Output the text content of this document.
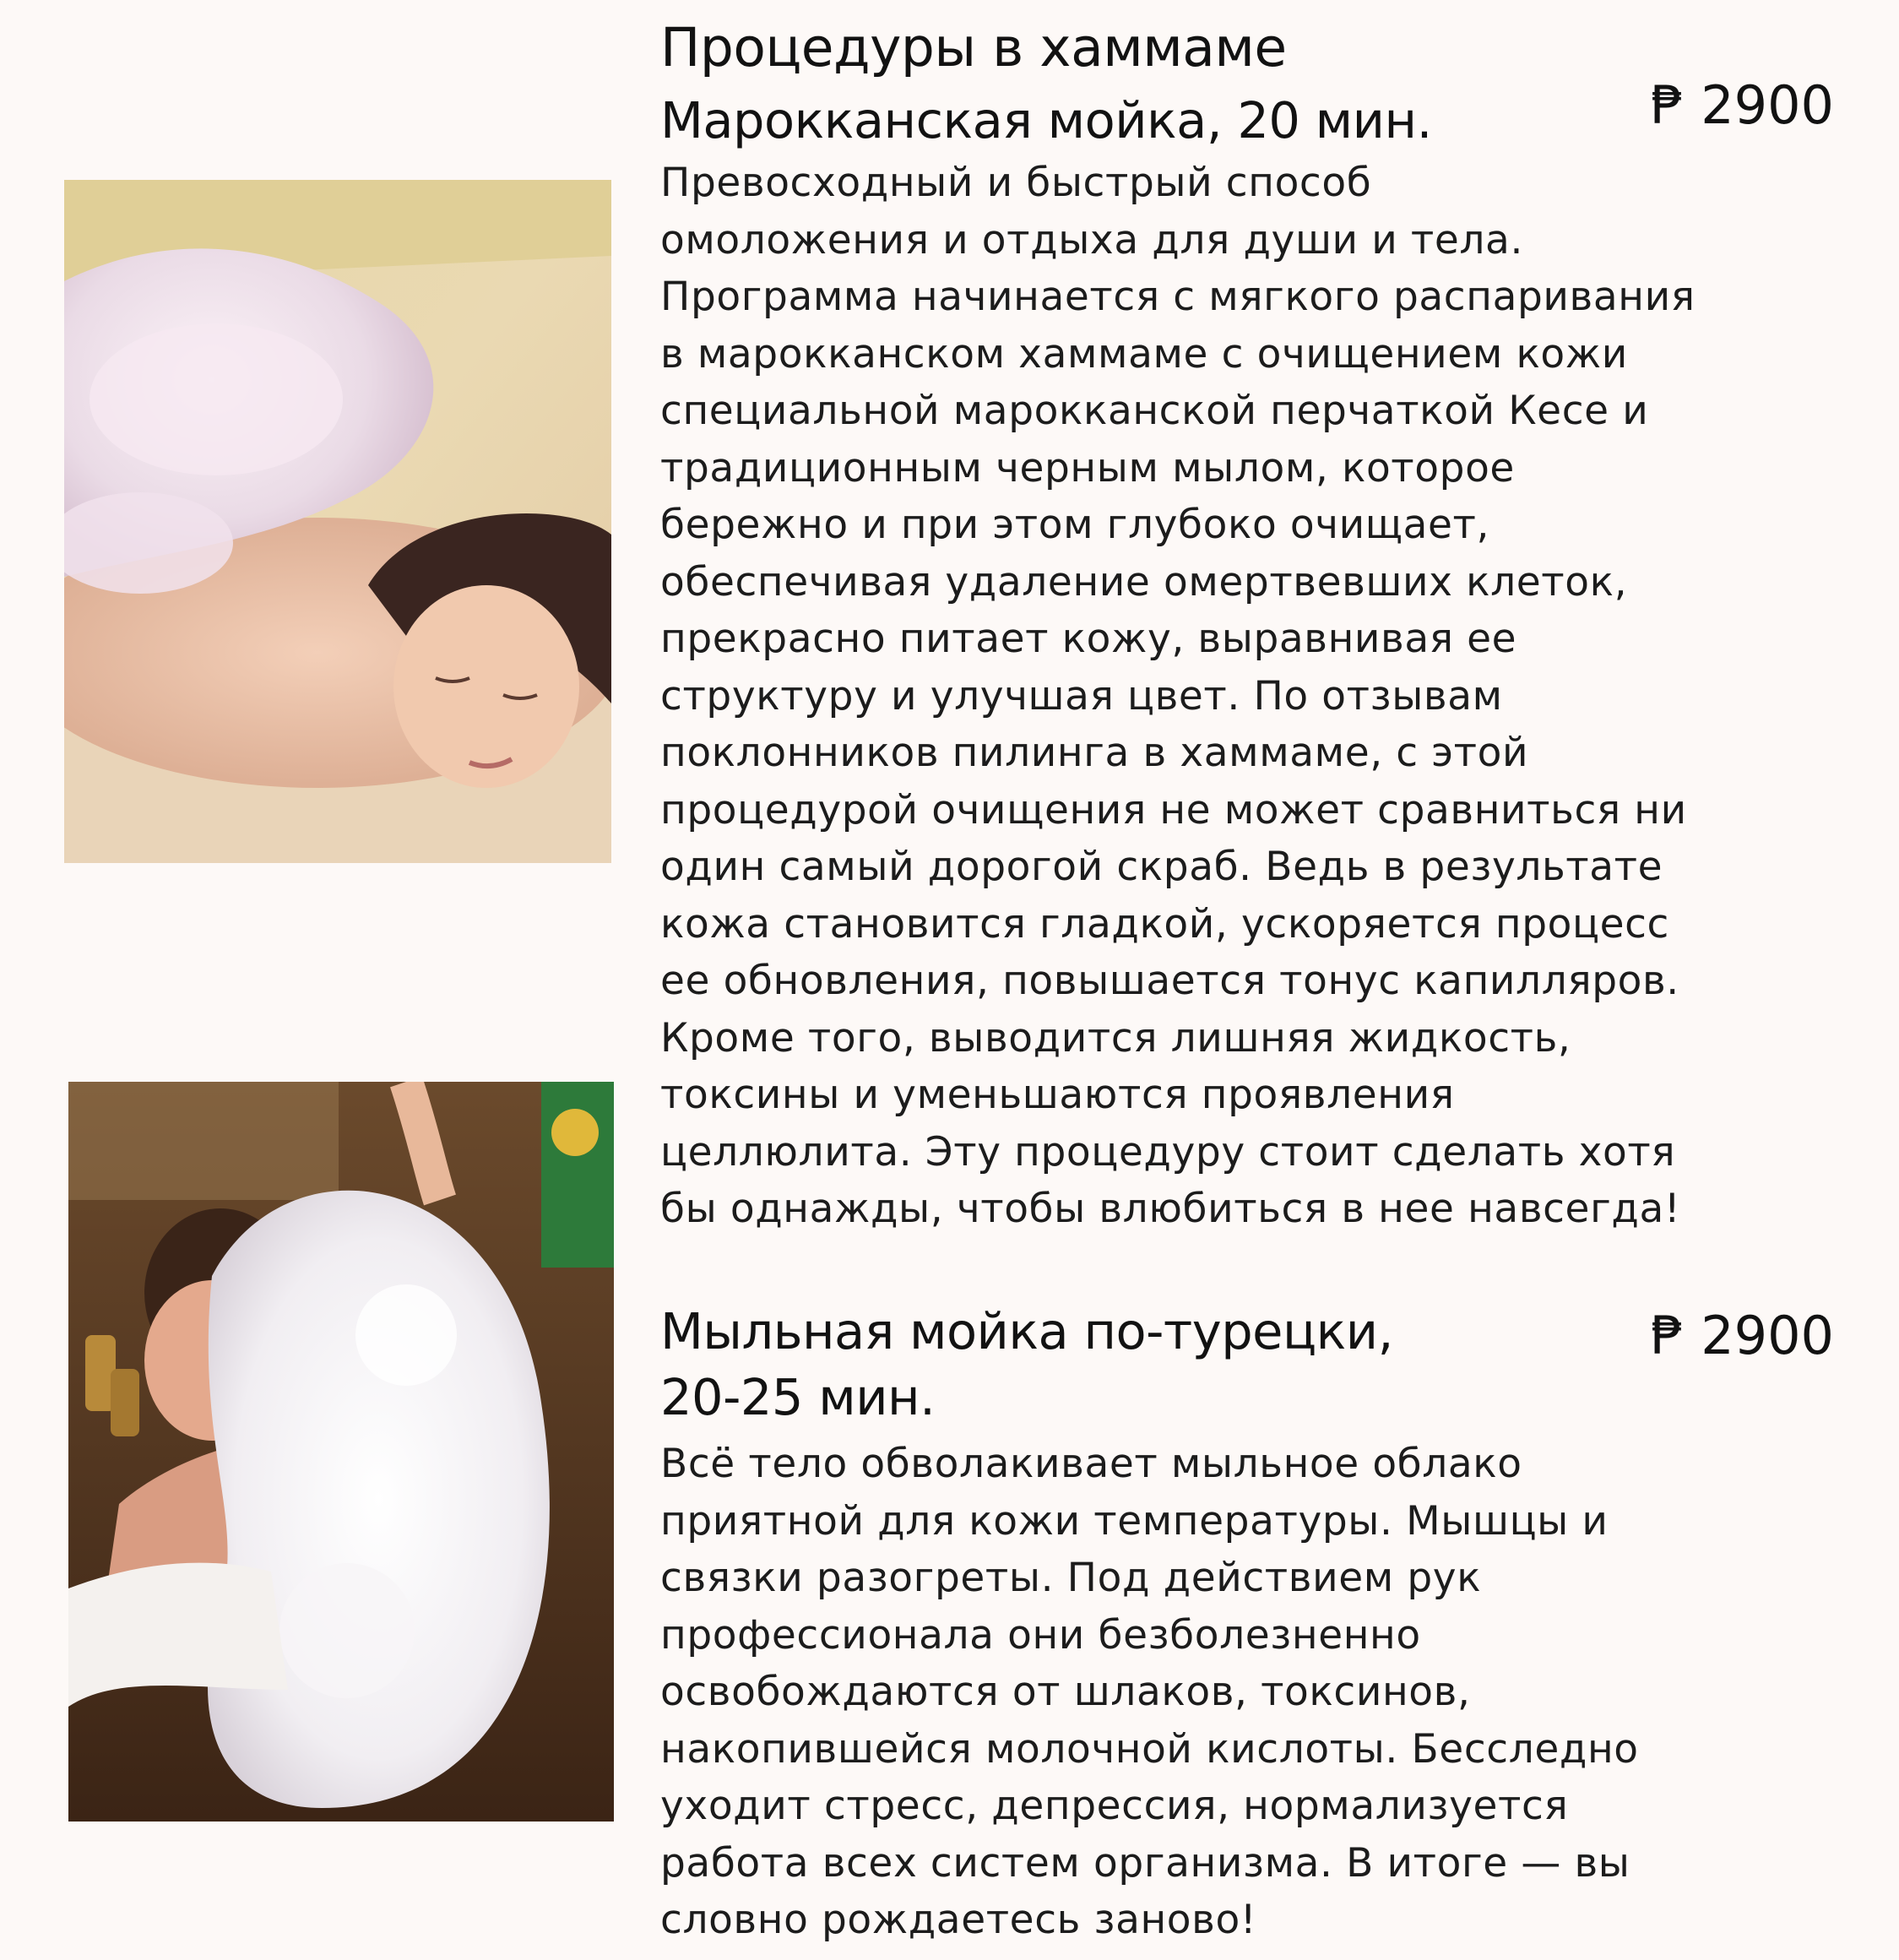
Процедуры в хаммаме
Марокканская мойка, 20 мин.	₱ 2900
Превосходный и быстрый способ
омоложения и отдыха для души и тела.
Программа начинается с мягкого распаривания
в марокканском хаммаме с очищением кожи
специальной марокканской перчаткой Кесе и
традиционным черным мылом, которое
бережно и при этом глубоко очищает,
обеспечивая удаление омертвевших клеток,
прекрасно питает кожу, выравнивая ее
структуру и улучшая цвет. По отзывам
поклонников пилинга в хаммаме, с этой
процедурой очищения не может сравниться ни
один самый дорогой скраб. Ведь в результате
кожа становится гладкой, ускоряется процесс
ее обновления, повышается тонус капилляров.
Кроме того, выводится лишняя жидкость,
токсины и уменьшаются проявления
целлюлита. Эту процедуру стоит сделать хотя
бы однажды, чтобы влюбиться в нее навсегда!
Мыльная мойка по-турецки,
20-25 мин.
₱ 2900
Всё тело обволакивает мыльное облако
приятной для кожи температуры. Мышцы и
связки разогреты. Под действием рук
профессионала они безболезненно
освобождаются от шлаков, токсинов,
накопившейся молочной кислоты. Бесследно
уходит стресс, депрессия, нормализуется
работа всех систем организма. В итоге — вы
словно рождаетесь заново!
